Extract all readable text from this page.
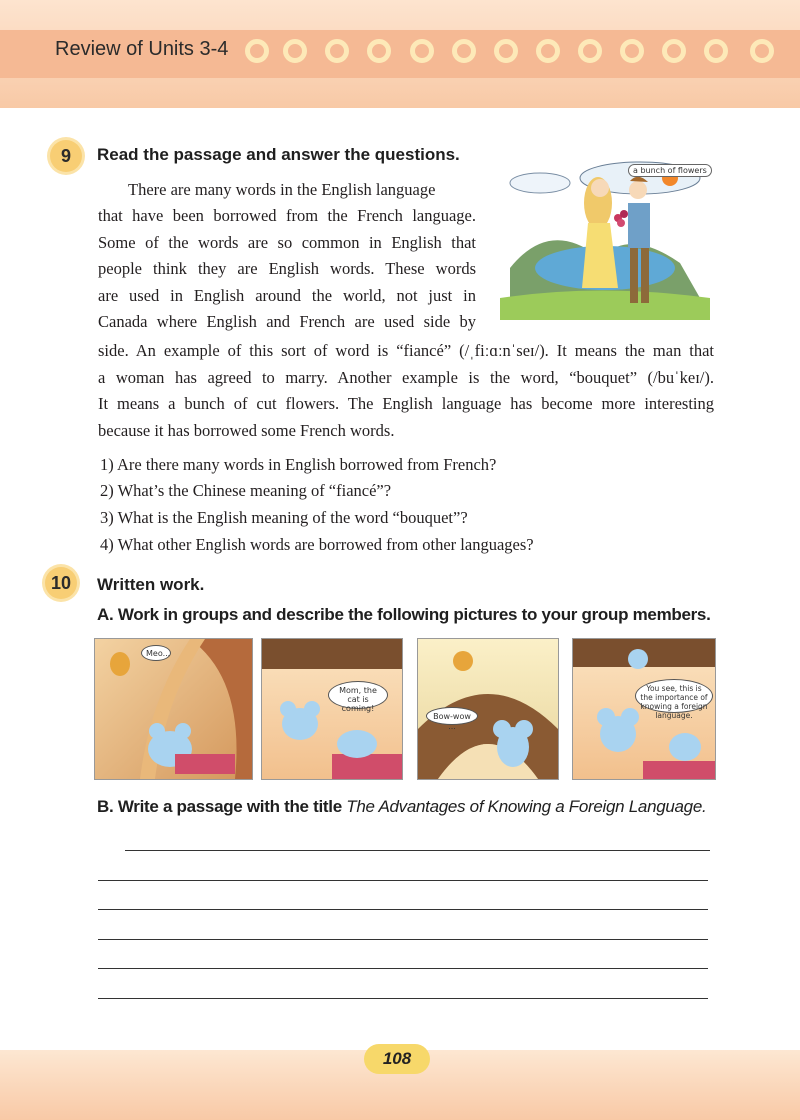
Review of Units 3-4
9	Read the passage and answer the questions.
There are many words in the English language
that have been borrowed from the French language.
Some of the words are so common in English that
people think they are English words. These words
are used in English around the world, not just in
Canada where English and French are used side by
side. An example of this sort of word is “fiancé” (/ˌfiːɑːnˈseɪ/). It means the man that
a woman has agreed to marry. Another example is the word, “bouquet” (/buˈkeɪ/).
It means a bunch of cut flowers. The English language has become more interesting
because it has borrowed some French words.
a bunch of flowers
1) Are there many words in English borrowed from French?
2) What’s the Chinese meaning of “fiancé”?
3) What is the English meaning of the word “bouquet”?
4) What other English words are borrowed from other languages?
10	Written work.
A. Work in groups and describe the following pictures to your group members.
Meo...
Mom, the cat is coming!
Bow-wow ...
You see, this is the importance of knowing a foreign language.
B. Write a passage with the title The Advantages of Knowing a Foreign Language.
108
